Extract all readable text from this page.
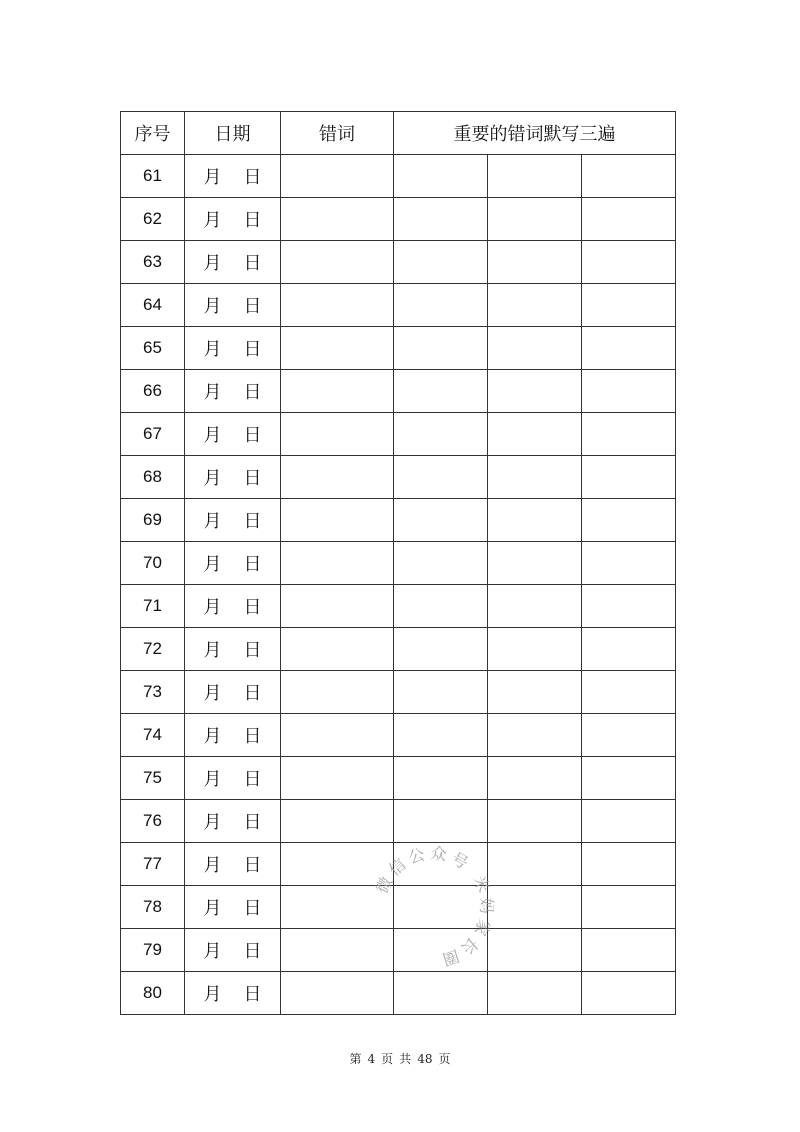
序号	日期	错词	重要的错词默写三遍		
61	月 日				

62	月 日				

63	月 日				

64	月 日				

65	月 日				

66	月 日				

67	月 日				

68	月 日				

69	月 日				

70	月 日				

71	月 日				

72	月 日				

73	月 日				

74	月 日				

75	月 日				

76	月 日				

77	月 日				

78	月 日				

79	月 日				

80	月 日				

第 4 页 共 48 页
微信公众号 米妈家长圈
